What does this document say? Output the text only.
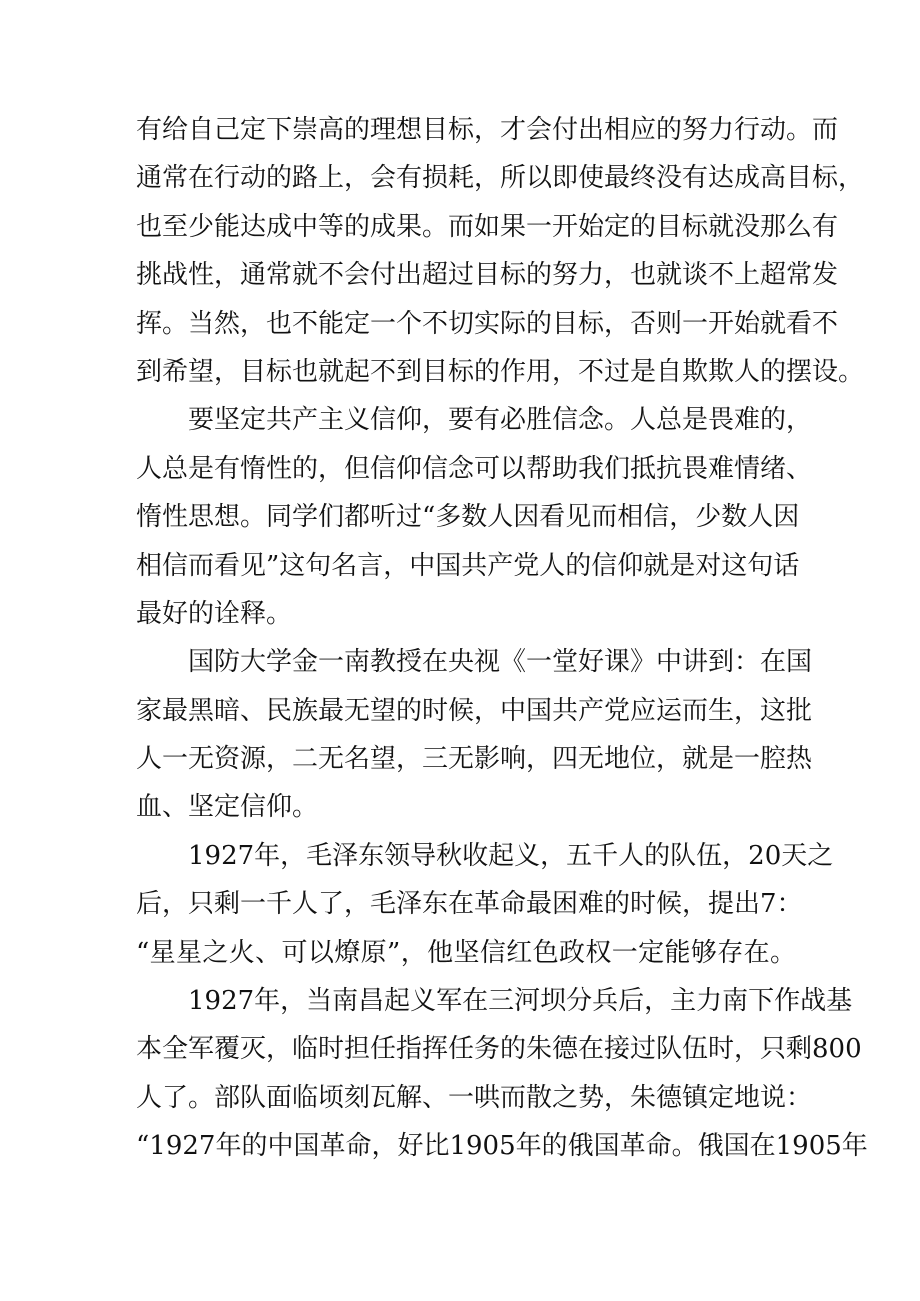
有给自己定下崇高的理想目标，才会付出相应的努力行动。而
通常在行动的路上，会有损耗，所以即使最终没有达成高目标，
也至少能达成中等的成果。而如果一开始定的目标就没那么有
挑战性，通常就不会付出超过目标的努力，也就谈不上超常发
挥。当然，也不能定一个不切实际的目标，否则一开始就看不
到希望，目标也就起不到目标的作用，不过是自欺欺人的摆设。
要坚定共产主义信仰，要有必胜信念。人总是畏难的，
人总是有惰性的，但信仰信念可以帮助我们抵抗畏难情绪、
惰性思想。同学们都听过“多数人因看见而相信，少数人因
相信而看见”这句名言，中国共产党人的信仰就是对这句话
最好的诠释。
国防大学金一南教授在央视《一堂好课》中讲到：在国
家最黑暗、民族最无望的时候，中国共产党应运而生，这批
人一无资源，二无名望，三无影响，四无地位，就是一腔热
血、坚定信仰。
1927年，毛泽东领导秋收起义，五千人的队伍，20天之
后，只剩一千人了，毛泽东在革命最困难的时候，提出7：
“星星之火、可以燎原”，他坚信红色政权一定能够存在。
1927年，当南昌起义军在三河坝分兵后，主力南下作战基
本全军覆灭，临时担任指挥任务的朱德在接过队伍时，只剩800
人了。部队面临顷刻瓦解、一哄而散之势，朱德镇定地说：
“1927年的中国革命，好比1905年的俄国革命。俄国在1905年
